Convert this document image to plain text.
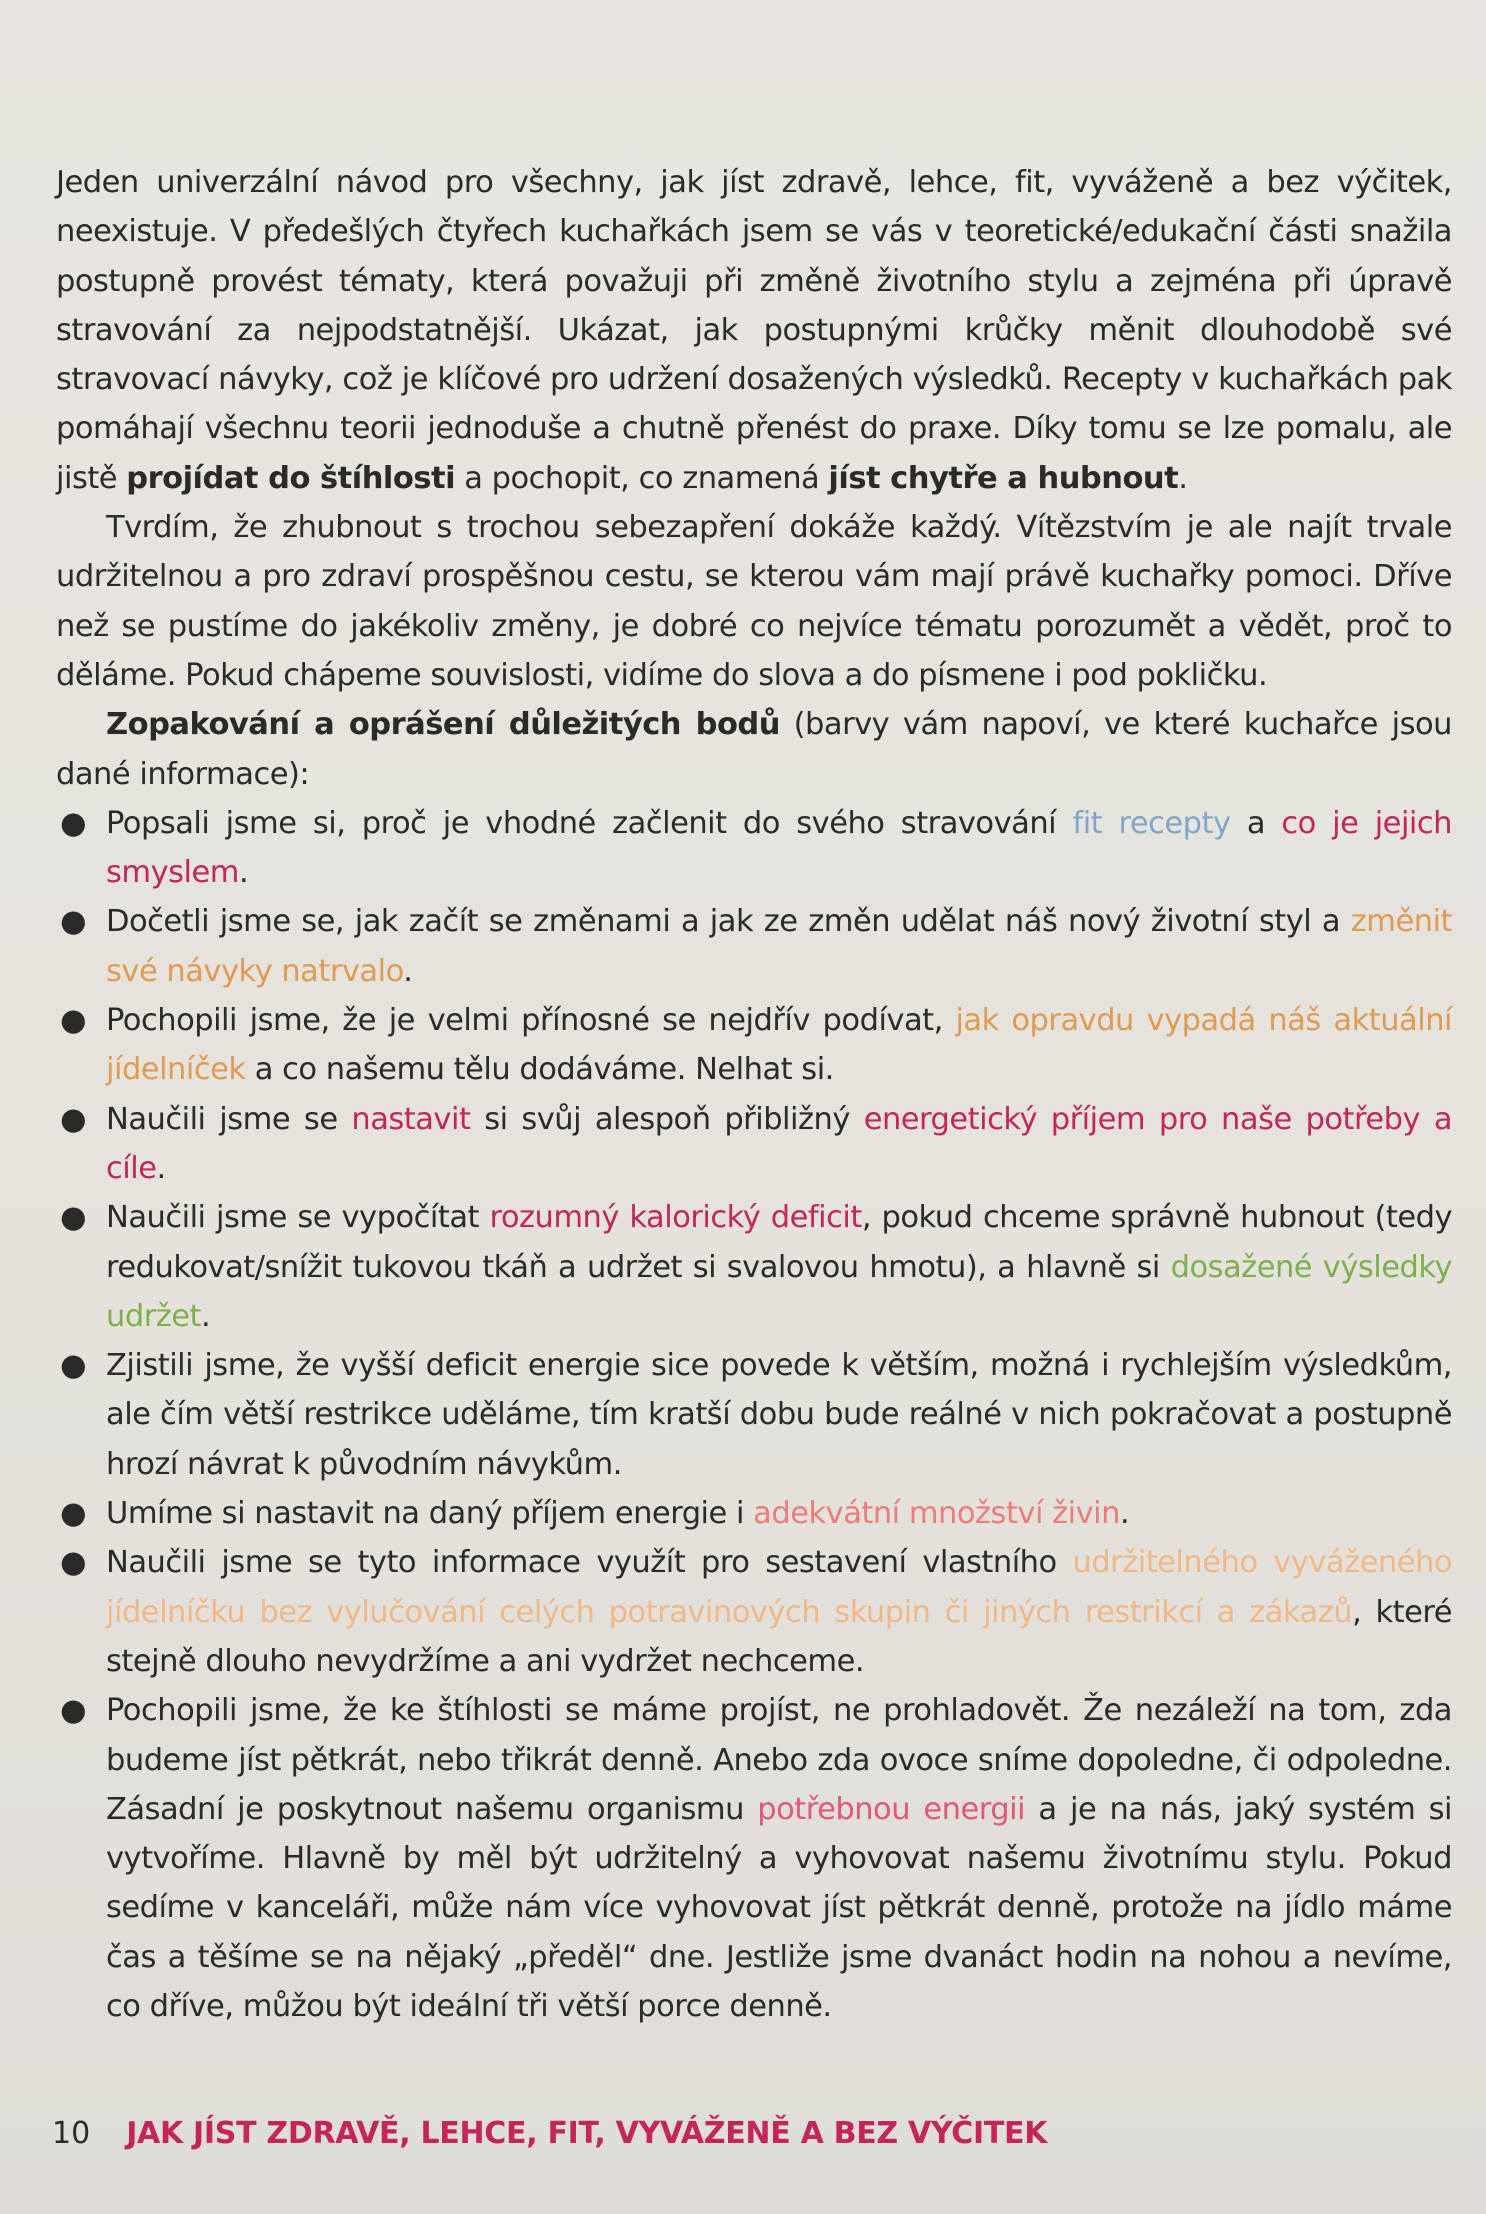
Jeden univerzální návod pro všechny, jak jíst zdravě, lehce, fit, vyváženě a bez výčitek, neexistuje. V předešlých čtyřech kuchařkách jsem se vás v teoretické/edukační části snažila postupně provést tématy, která považuji při změně životního stylu a zejména při úpravě stravování za nejpodstatnější. Ukázat, jak postupnými krůčky měnit dlouhodobě své stravovací návyky, což je klíčové pro udržení dosažených výsledků. Recepty v kuchařkách pak pomáhají všechnu teorii jednoduše a chutně přenést do praxe. Díky tomu se lze pomalu, ale jistě projídat do štíhlosti a pochopit, co znamená jíst chytře a hubnout.

Tvrdím, že zhubnout s trochou sebezapření dokáže každý. Vítězstvím je ale najít trvale udržitelnou a pro zdraví prospěšnou cestu, se kterou vám mají právě kuchařky pomoci. Dříve než se pustíme do jakékoliv změny, je dobré co nejvíce tématu porozumět a vědět, proč to děláme. Pokud chápeme souvislosti, vidíme do slova a do písmene i pod pokličku.

Zopakování a oprášení důležitých bodů (barvy vám napoví, ve které kuchařce jsou dané informace):

● Popsali jsme si, proč je vhodné začlenit do svého stravování fit recepty a co je jejich smyslem.
● Dočetli jsme se, jak začít se změnami a jak ze změn udělat náš nový životní styl a změnit své návyky natrvalo.
● Pochopili jsme, že je velmi přínosné se nejdřív podívat, jak opravdu vypadá náš aktuální jídelníček a co našemu tělu dodáváme. Nelhat si.
● Naučili jsme se nastavit si svůj alespoň přibližný energetický příjem pro naše potřeby a cíle.
● Naučili jsme se vypočítat rozumný kalorický deficit, pokud chceme správně hubnout (tedy redukovat/snížit tukovou tkáň a udržet si svalovou hmotu), a hlavně si dosažené výsledky udržet.
● Zjistili jsme, že vyšší deficit energie sice povede k větším, možná i rychlejším výsledkům, ale čím větší restrikce uděláme, tím kratší dobu bude reálné v nich pokračovat a postupně hrozí návrat k původním návykům.
● Umíme si nastavit na daný příjem energie i adekvátní množství živin.
● Naučili jsme se tyto informace využít pro sestavení vlastního udržitelného vyváženého jídelníčku bez vylučování celých potravinových skupin či jiných restrikcí a zákazů, které stejně dlouho nevydržíme a ani vydržet nechceme.
● Pochopili jsme, že ke štíhlosti se máme projíst, ne prohladovět. Že nezáleží na tom, zda budeme jíst pětkrát, nebo třikrát denně. Anebo zda ovoce sníme dopoledne, či odpoledne. Zásadní je poskytnout našemu organismu potřebnou energii a je na nás, jaký systém si vytvoříme. Hlavně by měl být udržitelný a vyhovovat našemu životnímu stylu. Pokud sedíme v kanceláři, může nám více vyhovovat jíst pětkrát denně, protože na jídlo máme čas a těšíme se na nějaký „předěl“ dne. Jestliže jsme dvanáct hodin na nohou a nevíme, co dříve, můžou být ideální tři větší porce denně.
10 JAK JÍST ZDRAVĚ, LEHCE, FIT, VYVÁŽENĚ A BEZ VÝČITEK
